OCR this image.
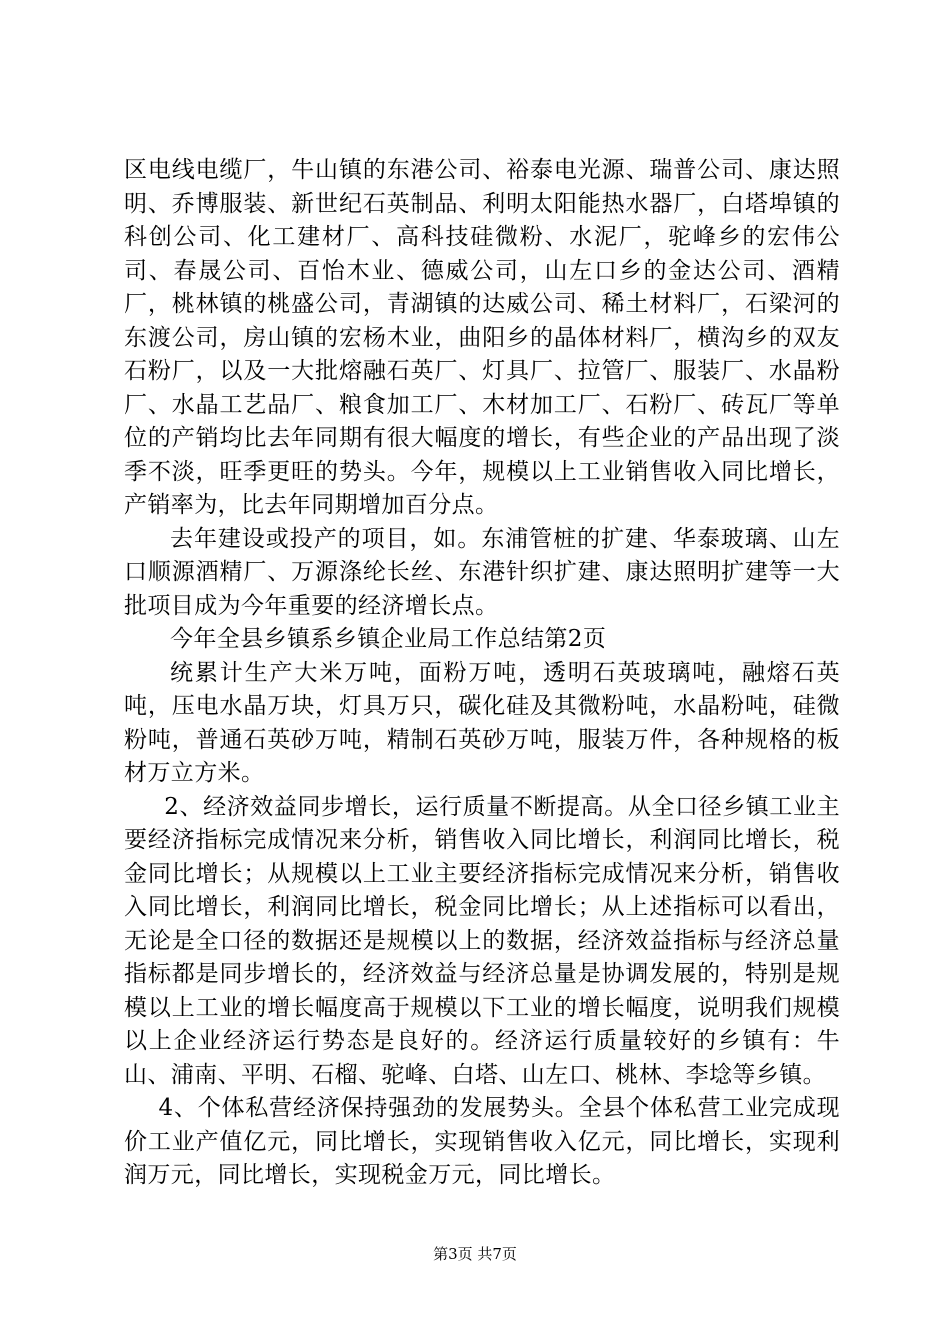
区电线电缆厂，牛山镇的东港公司、裕泰电光源、瑞普公司、康达照明、乔博服装、新世纪石英制品、利明太阳能热水器厂，白塔埠镇的科创公司、化工建材厂、高科技硅微粉、水泥厂，驼峰乡的宏伟公司、春晟公司、百怡木业、德威公司，山左口乡的金达公司、酒精厂，桃林镇的桃盛公司，青湖镇的达威公司、稀土材料厂，石梁河的东渡公司，房山镇的宏杨木业，曲阳乡的晶体材料厂，横沟乡的双友石粉厂，以及一大批熔融石英厂、灯具厂、拉管厂、服装厂、水晶粉厂、水晶工艺品厂、粮食加工厂、木材加工厂、石粉厂、砖瓦厂等单位的产销均比去年同期有很大幅度的增长，有些企业的产品出现了淡季不淡，旺季更旺的势头。今年，规模以上工业销售收入同比增长，产销率为，比去年同期增加百分点。

去年建设或投产的项目，如。东浦管桩的扩建、华泰玻璃、山左口顺源酒精厂、万源涤纶长丝、东港针织扩建、康达照明扩建等一大批项目成为今年重要的经济增长点。

今年全县乡镇系乡镇企业局工作总结第2页

统累计生产大米万吨，面粉万吨，透明石英玻璃吨，融熔石英吨，压电水晶万块，灯具万只，碳化硅及其微粉吨，水晶粉吨，硅微粉吨，普通石英砂万吨，精制石英砂万吨，服装万件，各种规格的板材万立方米。

2、经济效益同步增长，运行质量不断提高。从全口径乡镇工业主要经济指标完成情况来分析，销售收入同比增长，利润同比增长，税金同比增长；从规模以上工业主要经济指标完成情况来分析，销售收入同比增长，利润同比增长，税金同比增长；从上述指标可以看出，无论是全口径的数据还是规模以上的数据，经济效益指标与经济总量指标都是同步增长的，经济效益与经济总量是协调发展的，特别是规模以上工业的增长幅度高于规模以下工业的增长幅度，说明我们规模以上企业经济运行势态是良好的。经济运行质量较好的乡镇有：牛山、浦南、平明、石榴、驼峰、白塔、山左口、桃林、李埝等乡镇。

4、个体私营经济保持强劲的发展势头。全县个体私营工业完成现价工业产值亿元，同比增长，实现销售收入亿元，同比增长，实现利润万元，同比增长，实现税金万元，同比增长。

第3页 共7页
